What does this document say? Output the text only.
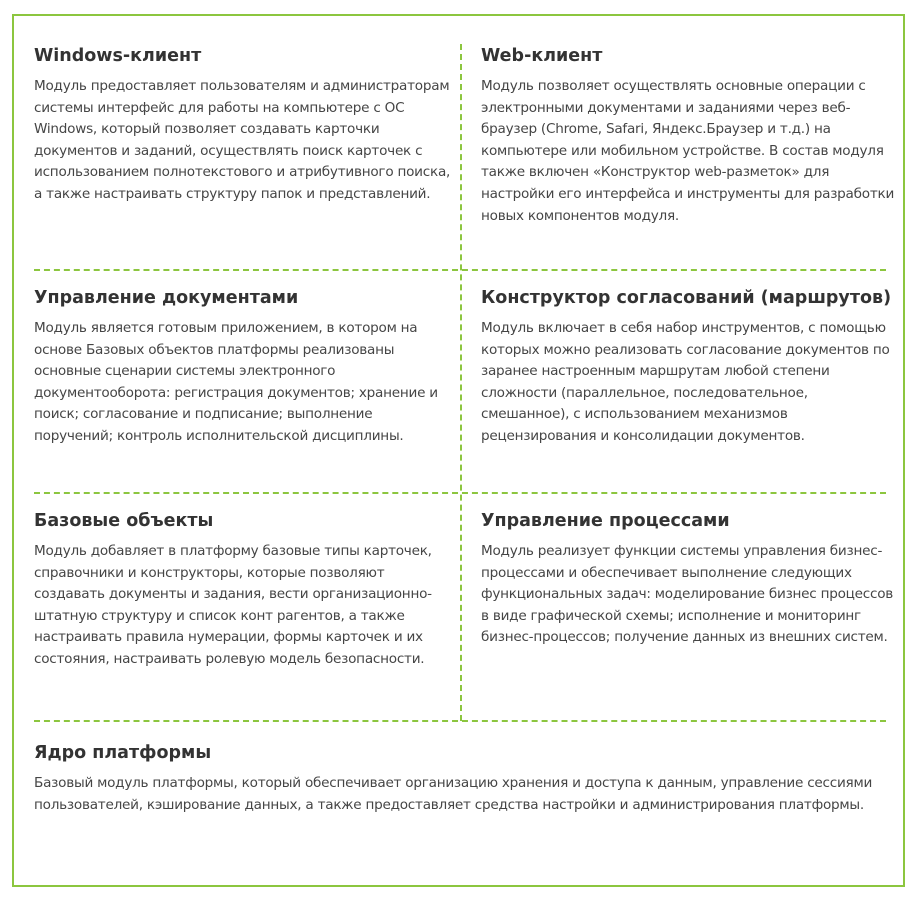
Windows-клиент

Модуль предоставляет пользователям и администраторам системы интерфейс для работы на компьютере с ОС Windows, который позволяет создавать карточки документов и заданий, осуществлять поиск карточек с использованием полнотекстового и атрибутивного поиска, а также настраивать структуру папок и представлений.

Web-клиент

Модуль позволяет осуществлять основные операции с электронными документами и заданиями через веб-браузер (Chrome, Safari, Яндекс.Браузер и т.д.) на компьютере или мобильном устройстве. В состав модуля также включен «Конструктор web-разметок» для настройки его интерфейса и инструменты для разработки новых компонентов модуля.

Управление документами

Модуль является готовым приложением, в котором на основе Базовых объектов платформы реализованы основные сценарии системы электронного документооборота: регистрация документов; хранение и поиск; согласование и подписание; выполнение поручений; контроль исполнительской дисциплины.

Конструктор согласований (маршрутов)

Модуль включает в себя набор инструментов, с помощью которых можно реализовать согласование документов по заранее настроенным маршрутам любой степени сложности (параллельное, последовательное, смешанное), с использованием механизмов рецензирования и консолидации документов.

Базовые объекты

Модуль добавляет в платформу базовые типы карточек, справочники и конструкторы, которые позволяют создавать документы и задания, вести организационно-штатную структуру и список конт рагентов, а также настраивать правила нумерации, формы карточек и их состояния, настраивать ролевую модель безопасности.

Управление процессами

Модуль реализует функции системы управления бизнес-процессами и обеспечивает выполнение следующих функциональных задач: моделирование бизнес процессов в виде графической схемы; исполнение и мониторинг бизнес-процессов; получение данных из внешних систем.

Ядро платформы

Базовый модуль платформы, который обеспечивает организацию хранения и доступа к данным, управление сессиями пользователей, кэширование данных, а также предоставляет средства настройки и администрирования платформы.
